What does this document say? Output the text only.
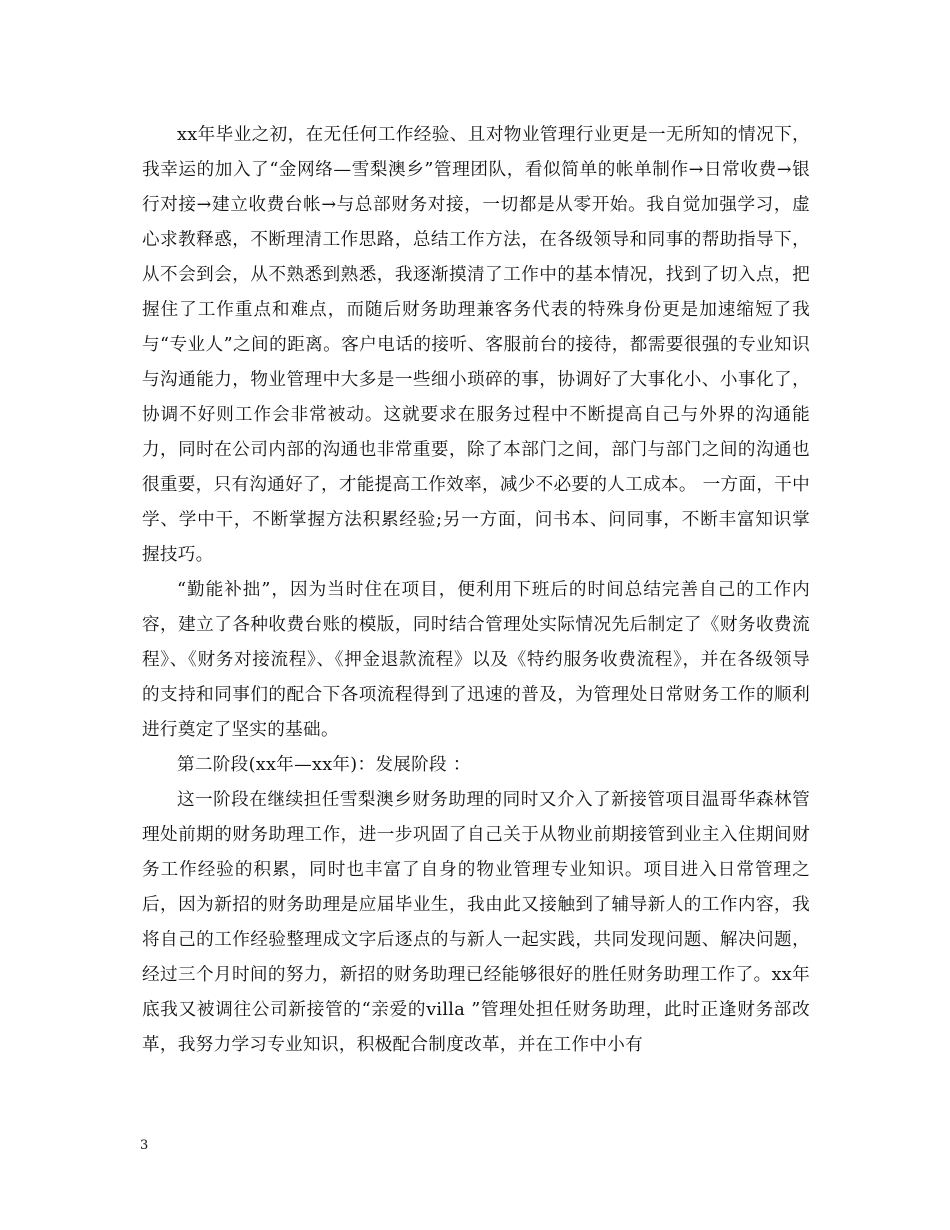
xx年毕业之初，在无任何工作经验、且对物业管理行业更是一无所知的情况下，我幸运的加入了“金网络—雪梨澳乡”管理团队，看似简单的帐单制作→日常收费→银行对接→建立收费台帐→与总部财务对接，一切都是从零开始。我自觉加强学习，虚心求教释惑，不断理清工作思路，总结工作方法，在各级领导和同事的帮助指导下，从不会到会，从不熟悉到熟悉，我逐渐摸清了工作中的基本情况，找到了切入点，把握住了工作重点和难点，而随后财务助理兼客务代表的特殊身份更是加速缩短了我与“专业人”之间的距离。客户电话的接听、客服前台的接待，都需要很强的专业知识与沟通能力，物业管理中大多是一些细小琐碎的事，协调好了大事化小、小事化了，协调不好则工作会非常被动。这就要求在服务过程中不断提高自己与外界的沟通能力，同时在公司内部的沟通也非常重要，除了本部门之间，部门与部门之间的沟通也很重要，只有沟通好了，才能提高工作效率，减少不必要的人工成本。 一方面，干中学、学中干，不断掌握方法积累经验;另一方面，问书本、问同事，不断丰富知识掌握技巧。

“勤能补拙”，因为当时住在项目，便利用下班后的时间总结完善自己的工作内容，建立了各种收费台账的模版，同时结合管理处实际情况先后制定了《财务收费流程》、《财务对接流程》、《押金退款流程》以及《特约服务收费流程》，并在各级领导的支持和同事们的配合下各项流程得到了迅速的普及，为管理处日常财务工作的顺利进行奠定了坚实的基础。

第二阶段(xx年—xx年)：发展阶段 ：

这一阶段在继续担任雪梨澳乡财务助理的同时又介入了新接管项目温哥华森林管理处前期的财务助理工作，进一步巩固了自己关于从物业前期接管到业主入住期间财务工作经验的积累，同时也丰富了自身的物业管理专业知识。项目进入日常管理之后，因为新招的财务助理是应届毕业生，我由此又接触到了辅导新人的工作内容，我将自己的工作经验整理成文字后逐点的与新人一起实践，共同发现问题、解决问题，经过三个月时间的努力，新招的财务助理已经能够很好的胜任财务助理工作了。xx年底我又被调往公司新接管的“亲爱的villa ”管理处担任财务助理，此时正逢财务部改革，我努力学习专业知识，积极配合制度改革，并在工作中小有

3
